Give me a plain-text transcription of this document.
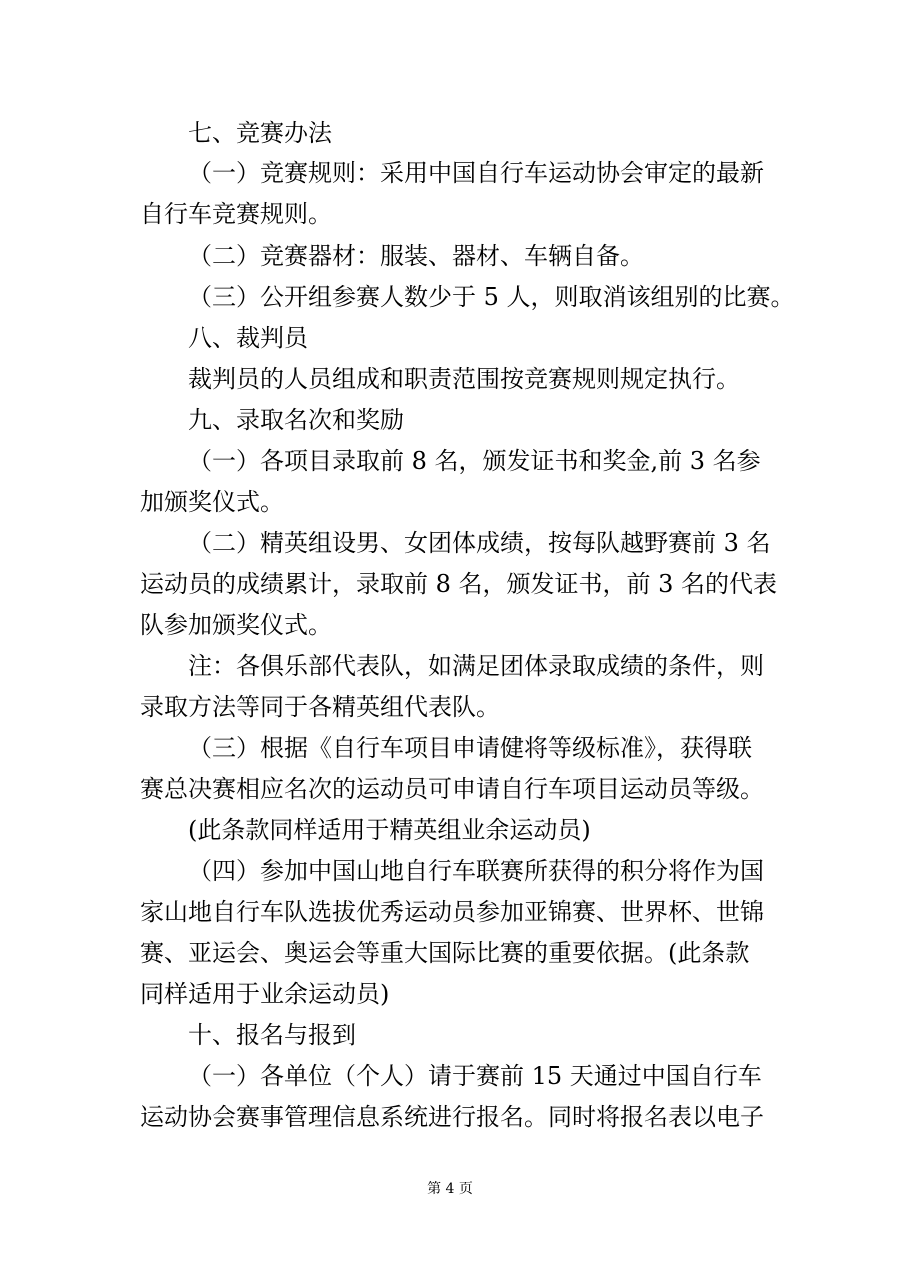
七、竞赛办法
（一）竞赛规则：采用中国自行车运动协会审定的最新
自行车竞赛规则。
（二）竞赛器材：服装、器材、车辆自备。
（三）公开组参赛人数少于 5 人，则取消该组别的比赛。
八、裁判员
裁判员的人员组成和职责范围按竞赛规则规定执行。
九、录取名次和奖励
（一）各项目录取前 8 名，颁发证书和奖金,前 3 名参
加颁奖仪式。
（二）精英组设男、女团体成绩，按每队越野赛前 3 名
运动员的成绩累计，录取前 8 名，颁发证书，前 3 名的代表
队参加颁奖仪式。
注：各俱乐部代表队，如满足团体录取成绩的条件，则
录取方法等同于各精英组代表队。
（三）根据《自行车项目申请健将等级标准》，获得联
赛总决赛相应名次的运动员可申请自行车项目运动员等级。
(此条款同样适用于精英组业余运动员)
（四）参加中国山地自行车联赛所获得的积分将作为国
家山地自行车队选拔优秀运动员参加亚锦赛、世界杯、世锦
赛、亚运会、奥运会等重大国际比赛的重要依据。(此条款
同样适用于业余运动员)
十、报名与报到
（一）各单位（个人）请于赛前 15 天通过中国自行车
运动协会赛事管理信息系统进行报名。同时将报名表以电子
第 4 页
